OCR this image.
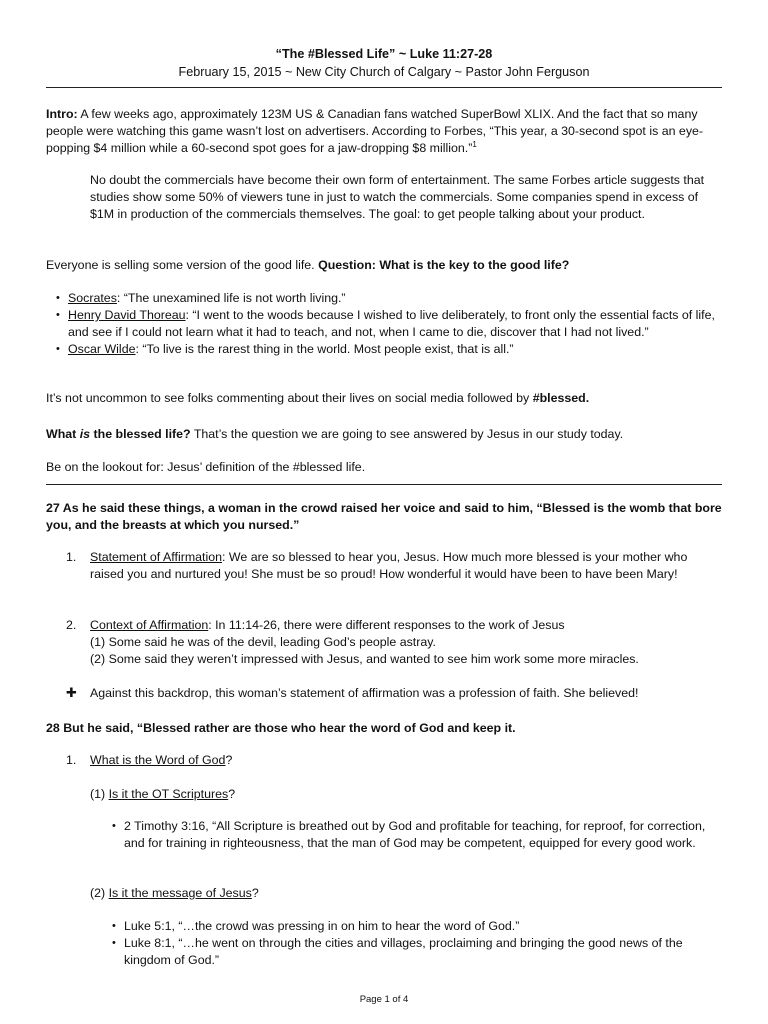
“The #Blessed Life” ~ Luke 11:27-28
February 15, 2015 ~ New City Church of Calgary ~ Pastor John Ferguson

Intro: A few weeks ago, approximately 123M US & Canadian fans watched SuperBowl XLIX. And the fact that so many people were watching this game wasn’t lost on advertisers. According to Forbes, “This year, a 30-second spot is an eye-popping $4 million while a 60-second spot goes for a jaw-dropping $8 million.”$^1$

No doubt the commercials have become their own form of entertainment. The same Forbes article suggests that studies show some 50% of viewers tune in just to watch the commercials. Some companies spend in excess of $1M in production of the commercials themselves. The goal: to get people talking about your product.

Everyone is selling some version of the good life. Question: What is the key to the good life?

• Socrates: “The unexamined life is not worth living.”
• Henry David Thoreau: “I went to the woods because I wished to live deliberately, to front only the essential facts of life, and see if I could not learn what it had to teach, and not, when I came to die, discover that I had not lived.”
• Oscar Wilde: “To live is the rarest thing in the world. Most people exist, that is all.”

It’s not uncommon to see folks commenting about their lives on social media followed by #blessed.

What is the blessed life? That’s the question we are going to see answered by Jesus in our study today.

Be on the lookout for: Jesus’ definition of the #blessed life.

27 As he said these things, a woman in the crowd raised her voice and said to him, “Blessed is the womb that bore you, and the breasts at which you nursed.”

1. Statement of Affirmation: We are so blessed to hear you, Jesus. How much more blessed is your mother who raised you and nurtured you! She must be so proud! How wonderful it would have been to have been Mary!

2. Context of Affirmation: In 11:14-26, there were different responses to the work of Jesus

(1) Some said he was of the devil, leading God’s people astray.

(2) Some said they weren’t impressed with Jesus, and wanted to see him work some more miracles.

✚ Against this backdrop, this woman’s statement of affirmation was a profession of faith. She believed!

28 But he said, “Blessed rather are those who hear the word of God and keep it.

1. What is the Word of God?

(1) Is it the OT Scriptures?

• 2 Timothy 3:16, “All Scripture is breathed out by God and profitable for teaching, for reproof, for correction, and for training in righteousness, that the man of God may be competent, equipped for every good work.

(2) Is it the message of Jesus?

• Luke 5:1, “…the crowd was pressing in on him to hear the word of God.”
• Luke 8:1, “…he went on through the cities and villages, proclaiming and bringing the good news of the kingdom of God.”
Page 1 of 4
